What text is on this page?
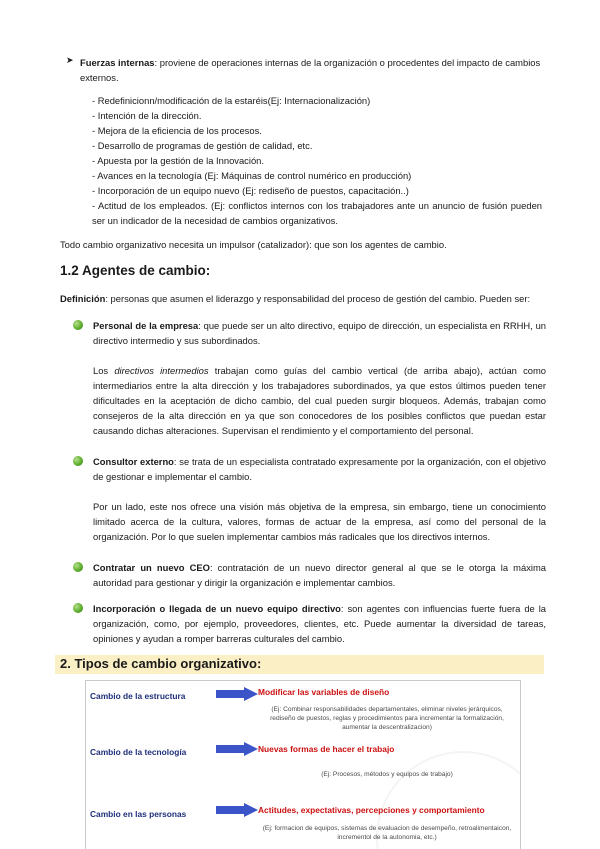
➤ Fuerzas internas: proviene de operaciones internas de la organización o procedentes del impacto de cambios externos.

- Redefinicionn/modificación de la estaréis(Ej: Internacionalización)

- Intención de la dirección.

- Mejora de la eficiencia de los procesos.

- Desarrollo de programas de gestión de calidad, etc.

- Apuesta por la gestión de la Innovación.

- Avances en la tecnología (Ej: Máquinas de control numérico en producción)

- Incorporación de un equipo nuevo (Ej: rediseño de puestos, capacitación..)

- Actitud de los empleados. (Ej: conflictos internos con los trabajadores ante un anuncio de fusión pueden ser un indicador de la necesidad de cambios organizativos.

Todo cambio organizativo necesita un impulsor (catalizador): que son los agentes de cambio.

1.2 Agentes de cambio:

Definición: personas que asumen el liderazgo y responsabilidad del proceso de gestión del cambio. Pueden ser:

Personal de la empresa: que puede ser un alto directivo, equipo de dirección, un especialista en RRHH, un directivo intermedio y sus subordinados.

Los directivos intermedios trabajan como guías del cambio vertical (de arriba abajo), actúan como intermediarios entre la alta dirección y los trabajadores subordinados, ya que estos últimos pueden tener dificultades en la aceptación de dicho cambio, del cual pueden surgir bloqueos. Además, trabajan como consejeros de la alta dirección en ya que son conocedores de los posibles conflictos que puedan estar causando dichas alteraciones. Supervisan el rendimiento y el comportamiento del personal.

Consultor externo: se trata de un especialista contratado expresamente por la organización, con el objetivo de gestionar e implementar el cambio.

Por un lado, este nos ofrece una visión más objetiva de la empresa, sin embargo, tiene un conocimiento limitado acerca de la cultura, valores, formas de actuar de la empresa, así como del personal de la organización. Por lo que suelen implementar cambios más radicales que los directivos internos.

Contratar un nuevo CEO: contratación de un nuevo director general al que se le otorga la máxima autoridad para gestionar y dirigir la organización e implementar cambios.

Incorporación o llegada de un nuevo equipo directivo: son agentes con influencias fuerte fuera de la organización, como, por ejemplo, proveedores, clientes, etc. Puede aumentar la diversidad de tareas, opiniones y ayudan a romper barreras culturales del cambio.

2. Tipos de cambio organizativo:
Cambio de la estructura	Modificar las variables de diseño
(Ej: Combinar responsabilidades departamentales, eliminar niveles jerárquicos, rediseño de puestos, reglas y procedimientos para incrementar la formalización, aumentar la descentralizacion)
Cambio de la tecnología	Nuevas formas de hacer el trabajo
(Ej: Procesos, métodos y equipos de trabajo)
Cambio en las personas	Actitudes, expectativas, percepciones y comportamiento
(Ej: formacion de equipos, sistemas de evaluacion de desempeño, retroalimentaicon, incrementol de la autonomia, etc.)
